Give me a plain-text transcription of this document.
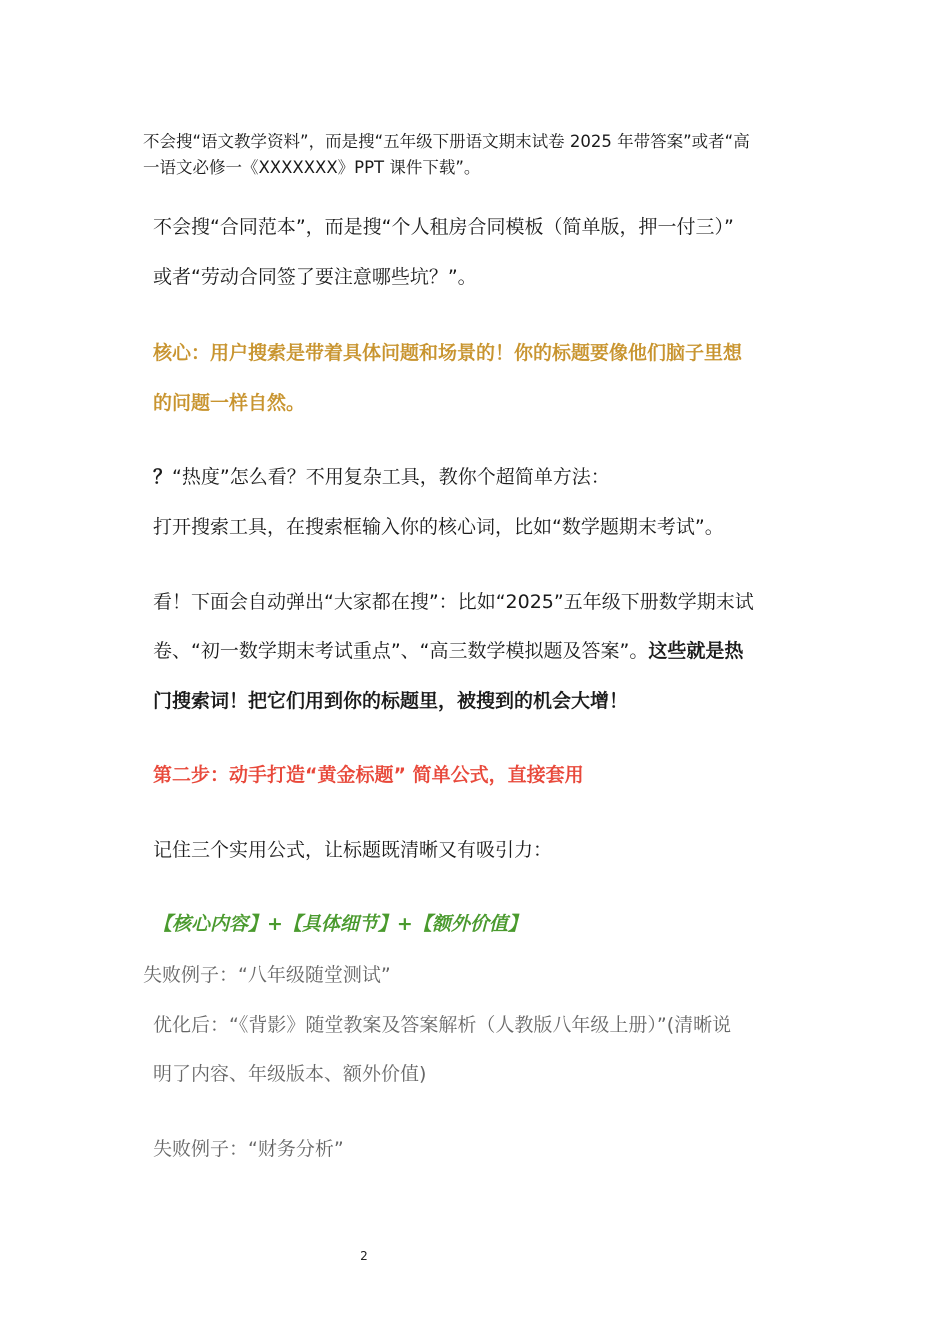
不会搜“语文教学资料”，而是搜“五年级下册语文期末试卷 2025 年带答案”或者“高

一语文必修一《XXXXXXX》PPT 课件下载”。

不会搜“合同范本”，而是搜“个人租房合同模板（简单版，押一付三）”

或者“劳动合同签了要注意哪些坑？”。

核心：用户搜索是带着具体问题和场景的！你的标题要像他们脑子里想

的问题一样自然。

？“热度”怎么看？不用复杂工具，教你个超简单方法：

打开搜索工具，在搜索框输入你的核心词，比如“数学题期末考试”。

看！下面会自动弹出“大家都在搜”：比如“2025”五年级下册数学期末试

卷、“初一数学期末考试重点”、“高三数学模拟题及答案”。这些就是热

门搜索词！把它们用到你的标题里，被搜到的机会大增！

第二步：动手打造“黄金标题” 简单公式，直接套用

记住三个实用公式，让标题既清晰又有吸引力：

【核心内容】+【具体细节】+【额外价值】

失败例子：“八年级随堂测试”

优化后：“《背影》随堂教案及答案解析（人教版八年级上册）”(清晰说

明了内容、年级版本、额外价值)

失败例子：“财务分析”

2
